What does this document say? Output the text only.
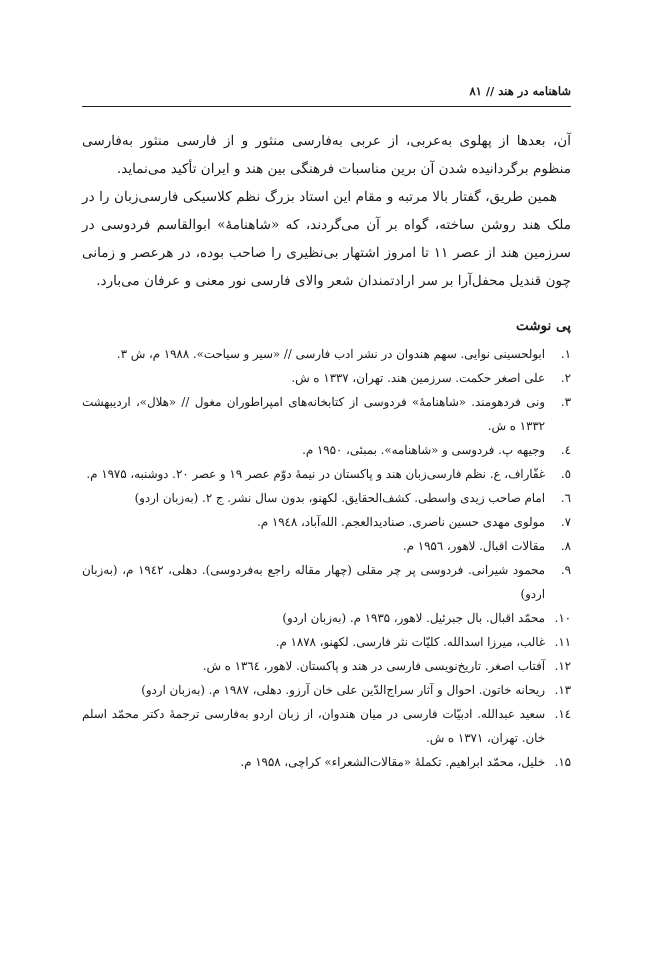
شاهنامه در هند // ۸۱

آن، بعدها از پهلوی به‌عربی، از عربی به‌فارسی منثور و از فارسی منثور به‌فارسی منظوم برگردانیده شدن آن برین مناسبات فرهنگی بین هند و ایران تأکید می‌نماید.

همین طریق، گفتار بالا مرتبه و مقام این استاد بزرگ نظم کلاسیکی فارسی‌زبان را در ملک هند روشن ساخته، گواه بر آن می‌گردند، که «شاهنامهٔ» ابوالقاسم فردوسی در سرزمین هند از عصر ۱۱ تا امروز اشتهار بی‌نظیری را صاحب بوده، در هرعصر و زمانی چون قندیل محفل‌آرا بر سر ارادتمندان شعر والای فارسی نور معنی و عرفان می‌بارد.

پی نوشت
۱.
ابولحسینی نوایی. سهم هندوان در نشر ادب فارسی // «سیر و سیاحت». ۱۹۸۸ م، ش ۳.
۲.
علی اصغر حکمت. سرزمین هند. تهران، ۱۳۳۷ ه ش.
۳.
ونی فردهومند. «شاهنامهٔ» فردوسی از کتابخانه‌های امپراطوران مغول // «هلال»، اردیبهشت ۱۳۳۲ ه ش.
٤.
وجیهه پ. فردوسی و «شاهنامه». بمبئی، ۱۹۵۰ م.
٥.
غفّاراف، ع. نظم فارسی‌زبان هند و پاکستان در نیمهٔ دوّم عصر ۱۹ و عصر ۲۰. دوشنبه، ۱۹۷۵ م.
٦.
امام صاحب زیدی واسطی. کشف‌الحقایق. لکهنو، بدون سال نشر. ج ۲. (به‌زبان اردو)
۷.
مولوی مهدی حسین ناصری. صنادیدالعجم. الله‌آباد، ۱۹٤۸ م.
۸.
مقالات اقبال. لاهور، ۱۹۵٦ م.
۹.
محمود شیرانی. فردوسی پر چر مقلی (چهار مقاله راجع به‌فردوسی). دهلی، ۱۹٤۲ م، (به‌زبان اردو)
۱۰.
محمّد اقبال. بال جبرئیل. لاهور، ۱۹۳۵ م. (به‌زبان اردو)
۱۱.
غالب، میرزا اسدالله. کلیّات نثر فارسی. لکهنو، ۱۸۷۸ م.
۱۲.
آفتاب اصغر. تاریخ‌نویسی فارسی در هند و پاکستان. لاهور، ۱۳٦٤ ه ش.
۱۳.
ریحانه خاتون. احوال و آثار سراج‌الدّین علی خان آرزو. دهلی، ۱۹۸۷ م. (به‌زبان اردو)
۱٤.
سعید عبدالله. ادبیّات فارسی در میان هندوان، از زبان اردو به‌فارسی ترجمهٔ دکتر محمّد اسلم خان. تهران، ۱۳۷۱ ه ش.
۱۵.
خلیل، محمّد ابراهیم. تکملهٔ «مقالات‌الشعراء» کراچی، ۱۹۵۸ م.
